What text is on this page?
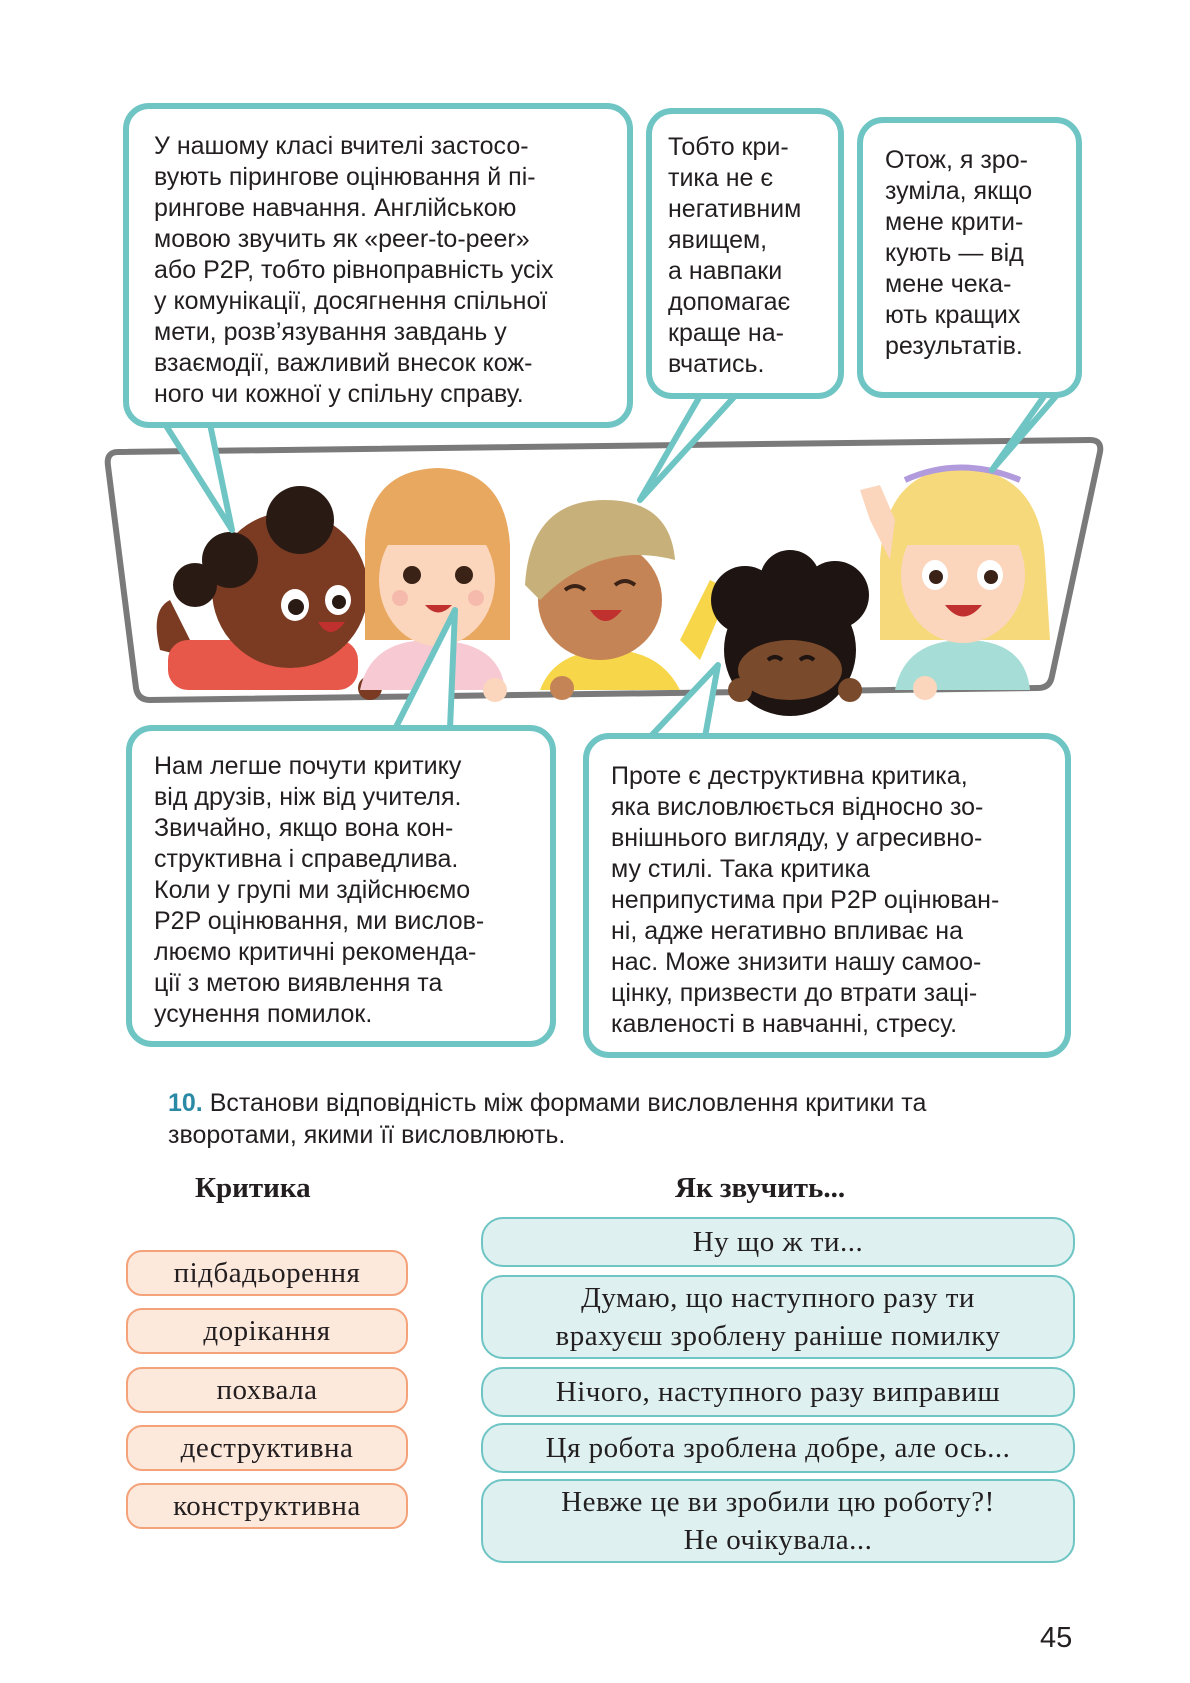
У нашому класі вчителі застосо-
вують пірингове оцінювання й пі-
рингове навчання. Англійською
мовою звучить як «peer-to-peer»
або P2P, тобто рівноправність усіх
у комунікації, досягнення спільної
мети, розв’язування завдань у
взаємодії, важливий внесок кож-
ного чи кожної у спільну справу.
Тобто кри-
тика не є
негативним
явищем,
а навпаки
допомагає
краще на-
вчатись.
Отож, я зро-
зуміла, якщо
мене крити-
кують — від
мене чека-
ють кращих
результатів.
Нам легше почути критику
від друзів, ніж від учителя.
Звичайно, якщо вона кон-
структивна і справедлива.
Коли у групі ми здійснюємо
P2P оцінювання, ми вислов-
люємо критичні рекоменда-
ції з метою виявлення та
усунення помилок.
Проте є деструктивна критика,
яка висловлюється відносно зо-
внішнього вигляду, у агресивно-
му стилі. Така критика
неприпустима при P2P оцінюван-
ні, адже негативно впливає на
нас. Може знизити нашу самоо-
цінку, призвести до втрати заці-
кавленості в навчанні, стресу.
10. Встанови відповідність між формами висловлення критики та
зворотами, якими її висловлюють.
Критика	Як звучить...
підбадьорення
дорікання
похвала
деструктивна
конструктивна
Ну що ж ти...
Думаю, що наступного разу ти
врахуєш зроблену раніше помилку
Нічого, наступного разу виправиш
Ця робота зроблена добре, але ось...
Невже це ви зробили цю роботу?!
Не очікувала...
45
